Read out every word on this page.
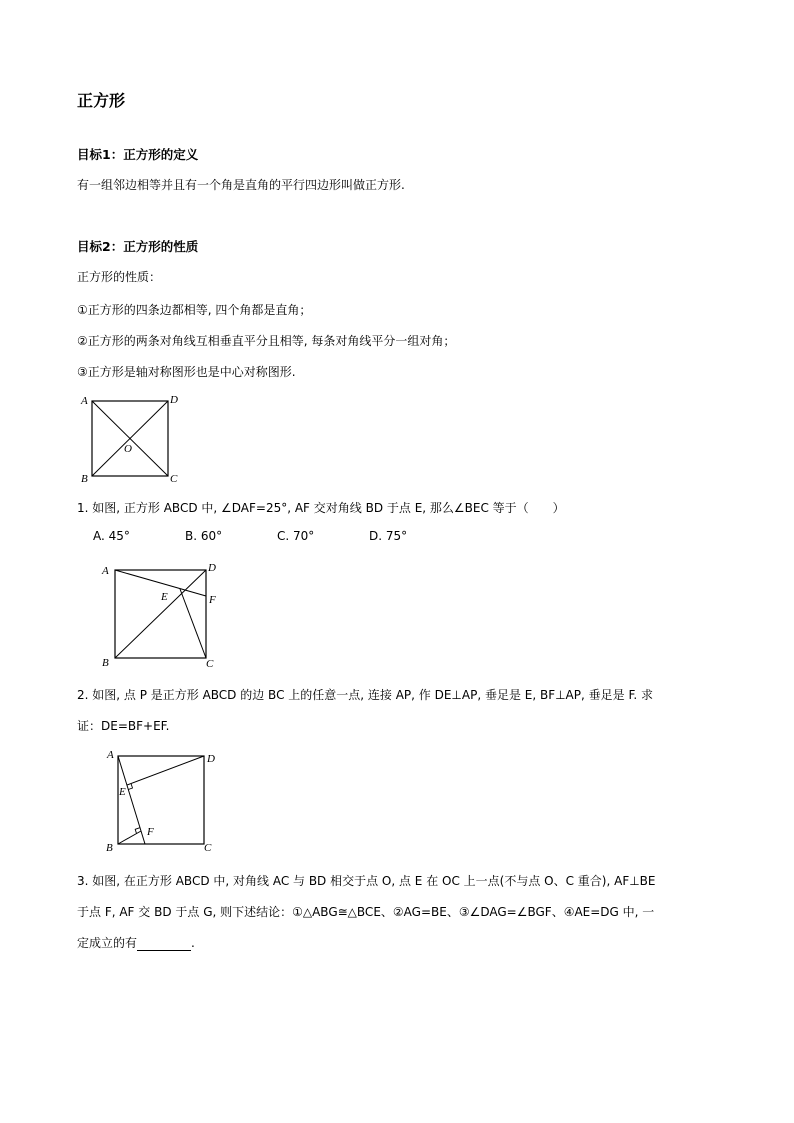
正方形
目标1：正方形的定义
有一组邻边相等并且有一个角是直角的平行四边形叫做正方形.
目标2：正方形的性质
正方形的性质：
①正方形的四条边都相等, 四个角都是直角；
②正方形的两条对角线互相垂直平分且相等, 每条对角线平分一组对角；
③正方形是轴对称图形也是中心对称图形.
A	D
B	C
O
1. 如图, 正方形 ABCD 中, ∠DAF=25°, AF 交对角线 BD 于点 E, 那么∠BEC 等于（　　）
A. 45°	B. 60°	C. 70°	D. 75°
A	D
F
E
B	C
2. 如图, 点 P 是正方形 ABCD 的边 BC 上的任意一点, 连接 AP, 作 DE⊥AP, 垂足是 E, BF⊥AP, 垂足是 F. 求
证：DE=BF+EF.
A	D
E
F
B	C
3. 如图, 在正方形 ABCD 中, 对角线 AC 与 BD 相交于点 O, 点 E 在 OC 上一点(不与点 O、C 重合), AF⊥BE
于点 F, AF 交 BD 于点 G, 则下述结论：①△ABG≅△BCE、②AG=BE、③∠DAG=∠BGF、④AE=DG 中, 一
定成立的有	.
